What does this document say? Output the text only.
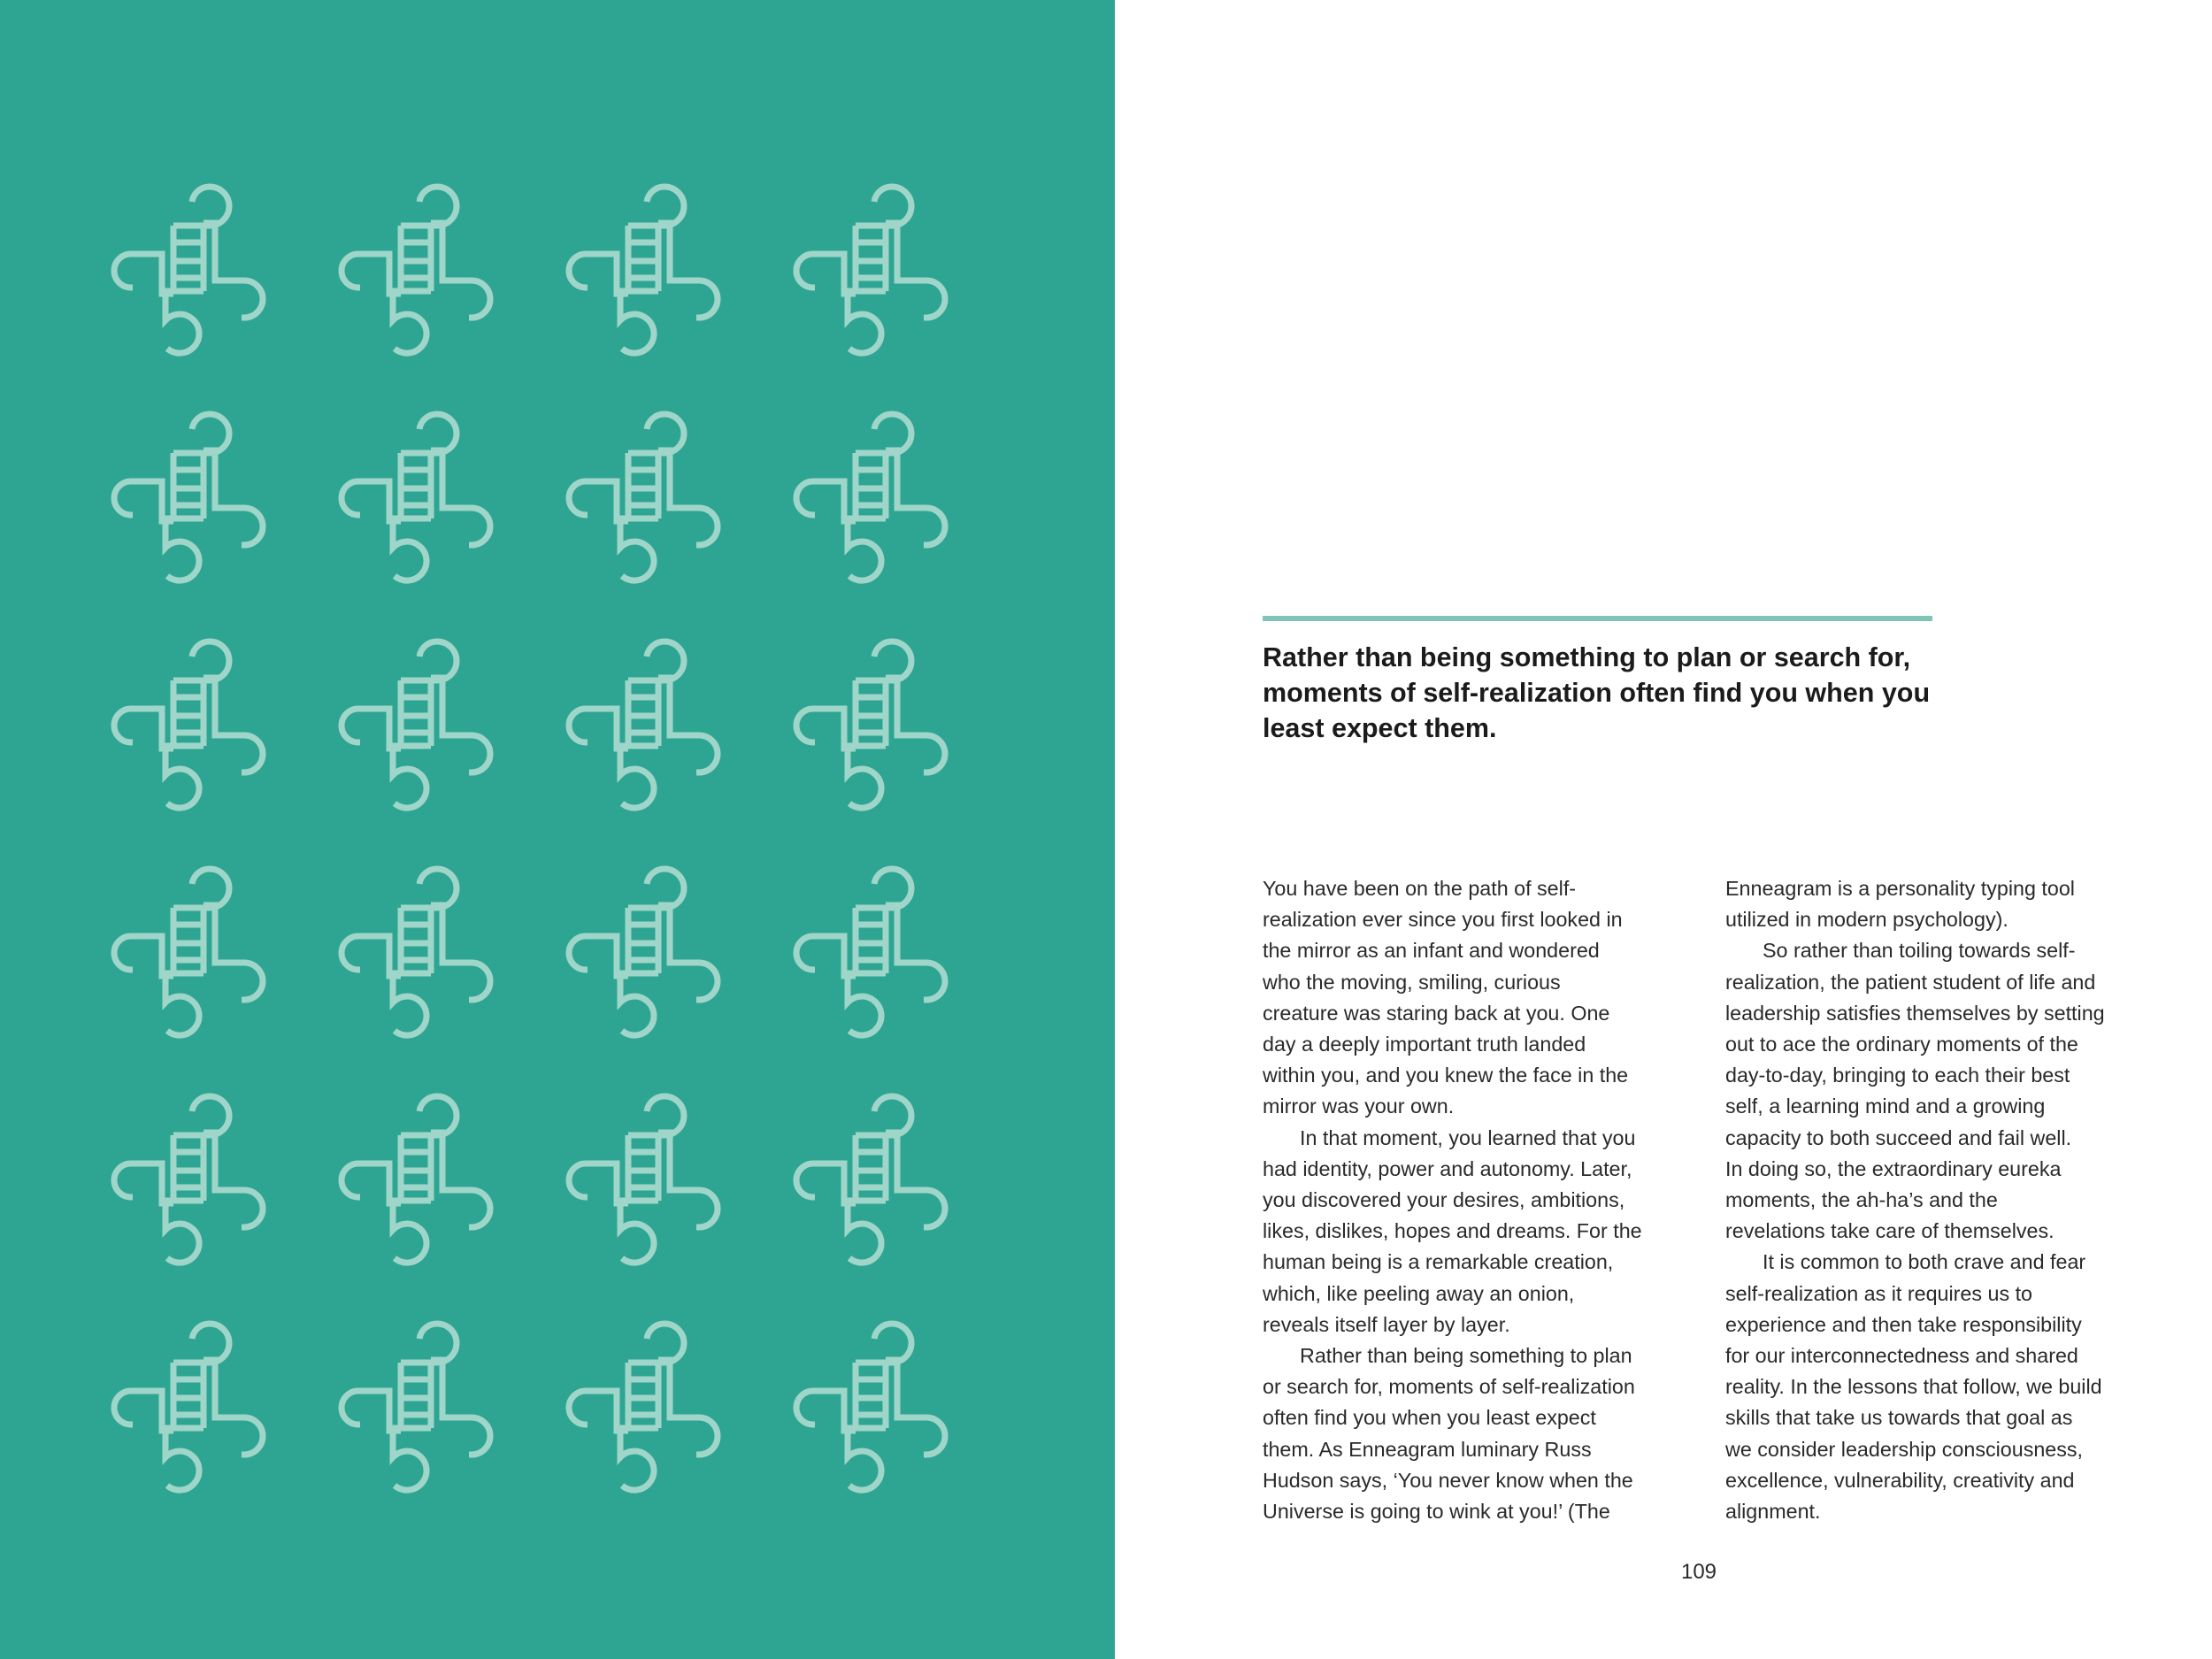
Rather than being something to plan or search for,
moments of self-realization often find you when you
least expect them.

You have been on the path of self-
realization ever since you first looked in
the mirror as an infant and wondered
who the moving, smiling, curious
creature was staring back at you. One
day a deeply important truth landed
within you, and you knew the face in the
mirror was your own.
In that moment, you learned that you
had identity, power and autonomy. Later,
you discovered your desires, ambitions,
likes, dislikes, hopes and dreams. For the
human being is a remarkable creation,
which, like peeling away an onion,
reveals itself layer by layer.
Rather than being something to plan
or search for, moments of self-realization
often find you when you least expect
them. As Enneagram luminary Russ
Hudson says, ‘You never know when the
Universe is going to wink at you!’ (The

Enneagram is a personality typing tool
utilized in modern psychology).
So rather than toiling towards self-
realization, the patient student of life and
leadership satisfies themselves by setting
out to ace the ordinary moments of the
day-to-day, bringing to each their best
self, a learning mind and a growing
capacity to both succeed and fail well.
In doing so, the extraordinary eureka
moments, the ah-ha’s and the
revelations take care of themselves.
It is common to both crave and fear
self-realization as it requires us to
experience and then take responsibility
for our interconnectedness and shared
reality. In the lessons that follow, we build
skills that take us towards that goal as
we consider leadership consciousness,
excellence, vulnerability, creativity and
alignment.

109
